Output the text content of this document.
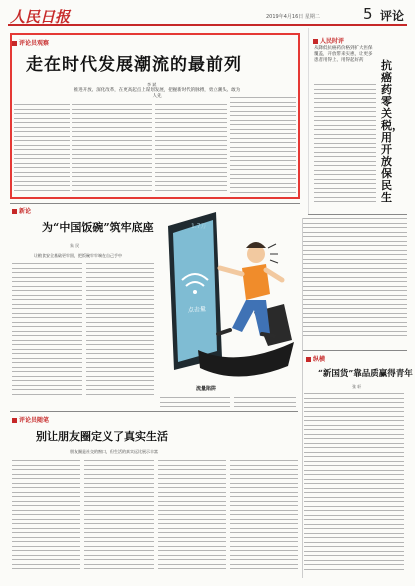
人民日报	2019年4月16日 星期二	5 评论
评论员观察
走在时代发展潮流的最前列
李 斌
推进开放、深化改革，在更高起点上谋划发展，把握新时代的脉搏，勇立潮头、敢为人先
人民时评
从降低抗癌药价格到扩大医保覆盖，开放带来实惠，让更多患者用得上、用得起好药	抗癌药零关税，用开放保民生
新论
为“中国饭碗”筑牢底座
朱 民
让粮食安全基础更牢固，把饭碗牢牢端在自己手中
点击量
1.7万
流量陷阱
纵横
“新国货”靠品质赢得青年
张 轩
评论员随笔
别让朋友圈定义了真实生活
朋友圈是社交的窗口，但生活的真实远比展示丰富
